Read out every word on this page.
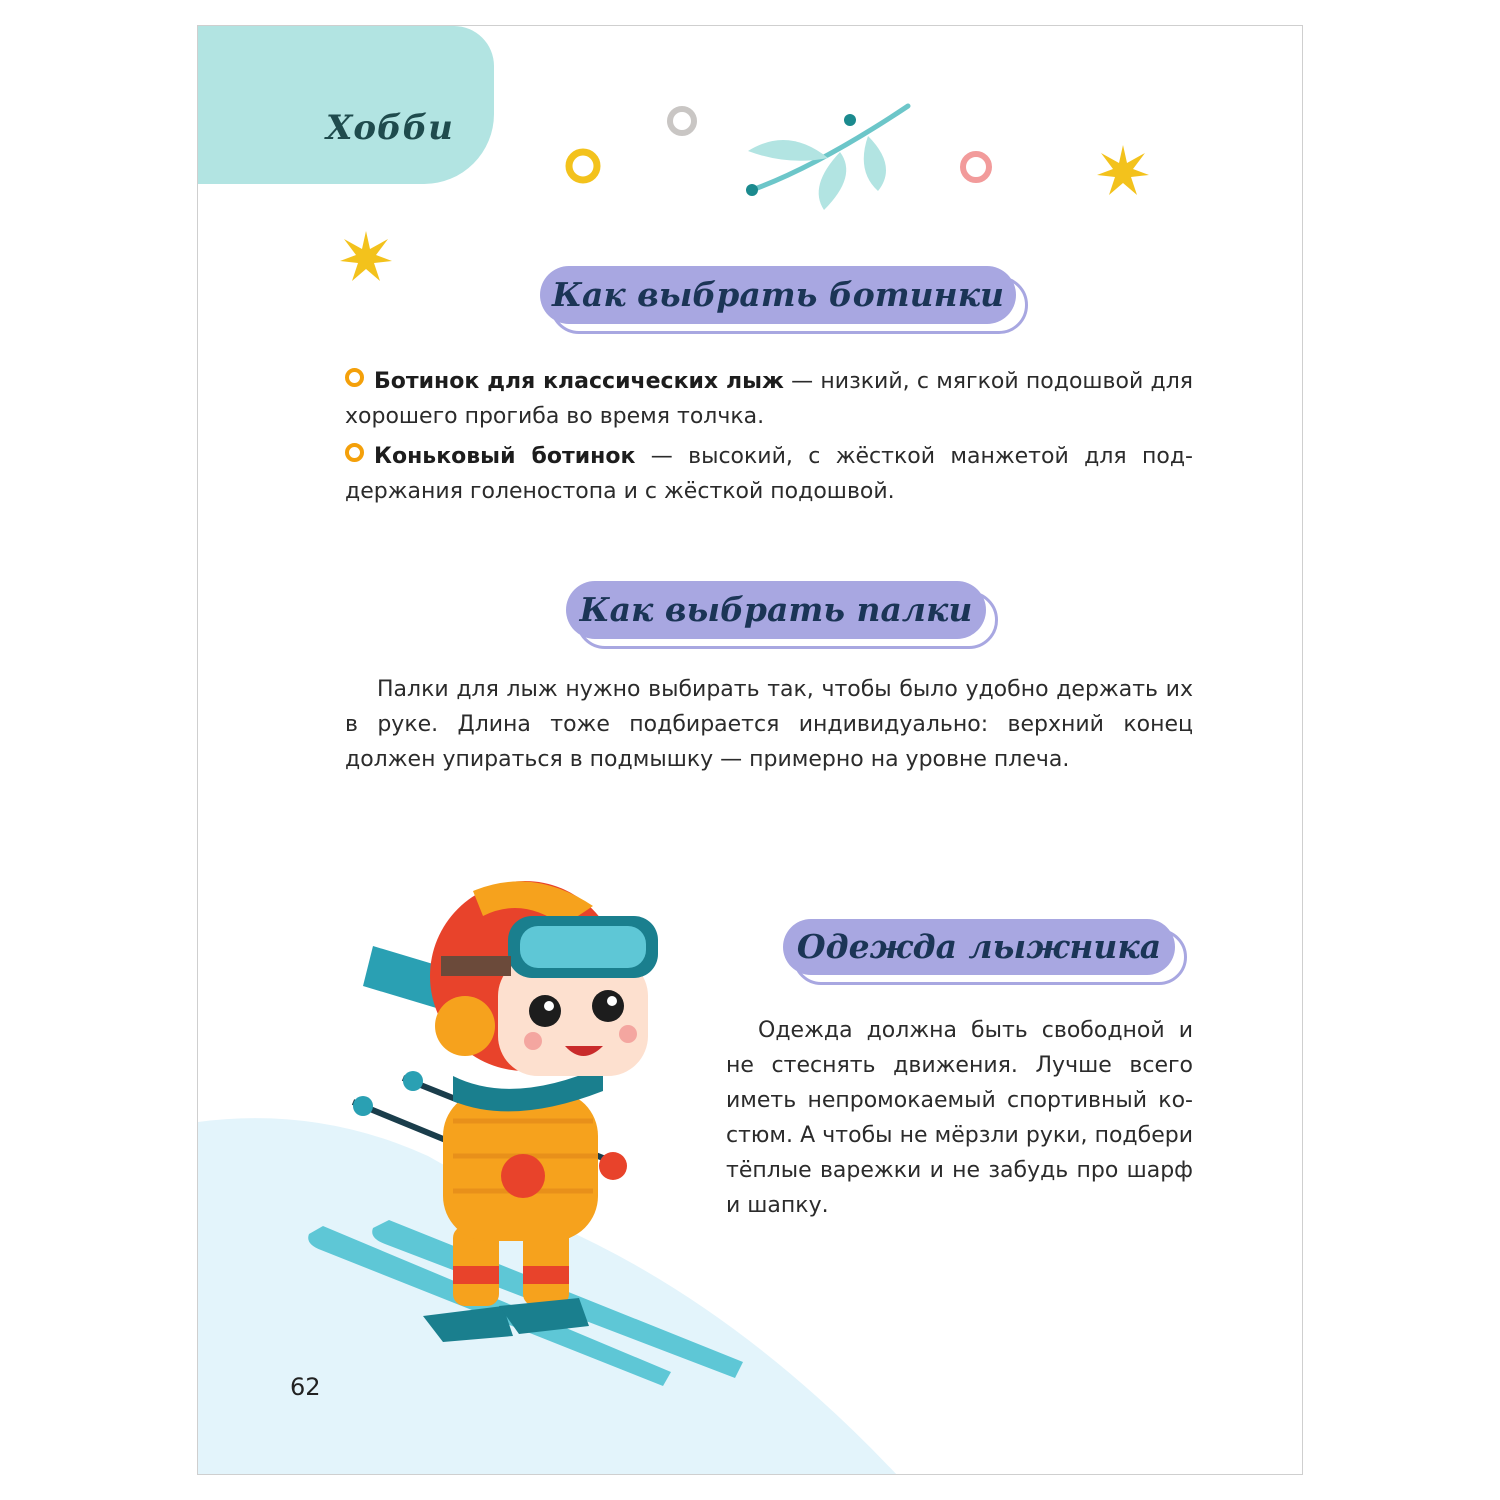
Хобби
Как выбрать ботинки

Ботинок для классических лыж — низкий, с мягкой подошвой для хорошего прогиба во время толчка.

Коньковый ботинок — высокий, с жёсткой манжетой для поддержания голеностопа и с жёсткой подошвой.

Как выбрать палки

Палки для лыж нужно выбирать так, чтобы было удобно держать их в руке. Длина тоже подбирается индивидуально: верхний конец должен упираться в подмышку — примерно на уровне плеча.

Одежда лыжника

Одежда должна быть свободной и не стеснять движения. Лучше всего иметь непромокаемый спортивный костюм. А чтобы не мёрзли руки, подбери тёплые варежки и не забудь про шарф и шапку.

62
